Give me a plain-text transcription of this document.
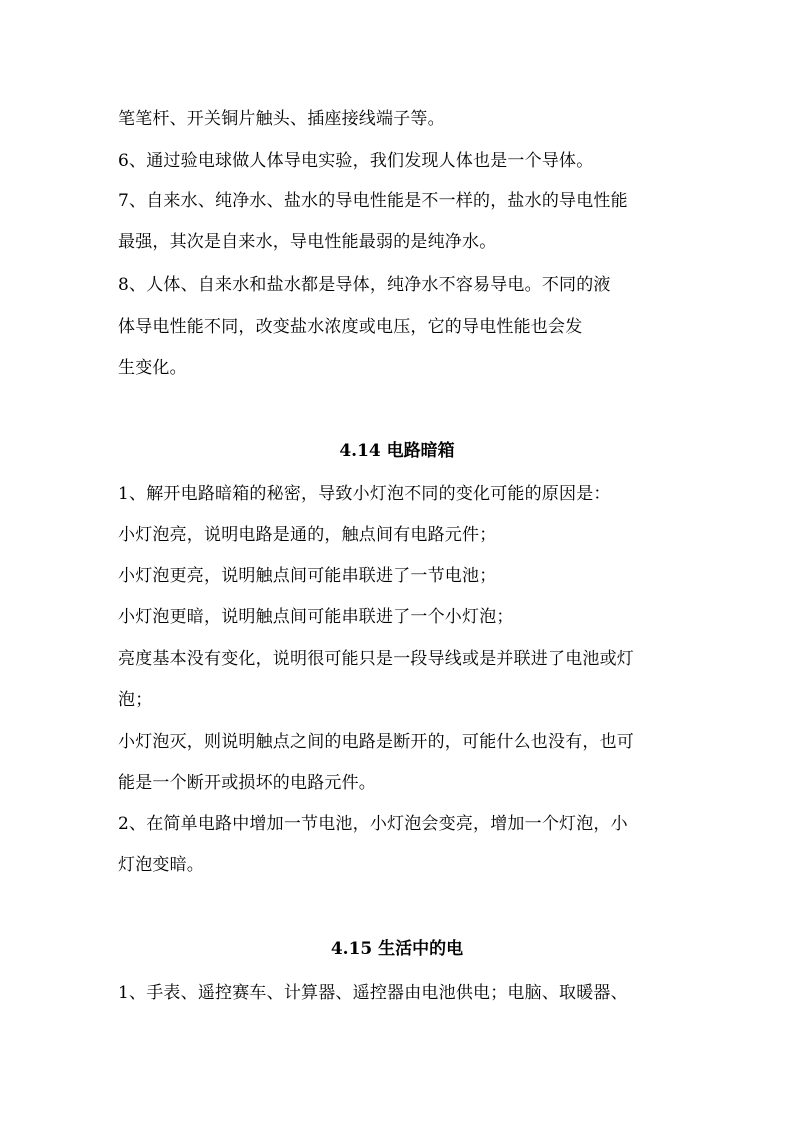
笔笔杆、开关铜片触头、插座接线端子等。
6、通过验电球做人体导电实验，我们发现人体也是一个导体。
7、自来水、纯净水、盐水的导电性能是不一样的，盐水的导电性能
最强，其次是自来水，导电性能最弱的是纯净水。
8、人体、自来水和盐水都是导体，纯净水不容易导电。不同的液
体导电性能不同，改变盐水浓度或电压，它的导电性能也会发
生变化。
4.14 电路暗箱
1、解开电路暗箱的秘密，导致小灯泡不同的变化可能的原因是：
小灯泡亮，说明电路是通的，触点间有电路元件；
小灯泡更亮，说明触点间可能串联进了一节电池；
小灯泡更暗，说明触点间可能串联进了一个小灯泡；
亮度基本没有变化，说明很可能只是一段导线或是并联进了电池或灯
泡；
小灯泡灭，则说明触点之间的电路是断开的，可能什么也没有，也可
能是一个断开或损坏的电路元件。
2、在简单电路中增加一节电池，小灯泡会变亮，增加一个灯泡，小
灯泡变暗。
4.15 生活中的电
1、手表、遥控赛车、计算器、遥控器由电池供电；电脑、取暖器、
